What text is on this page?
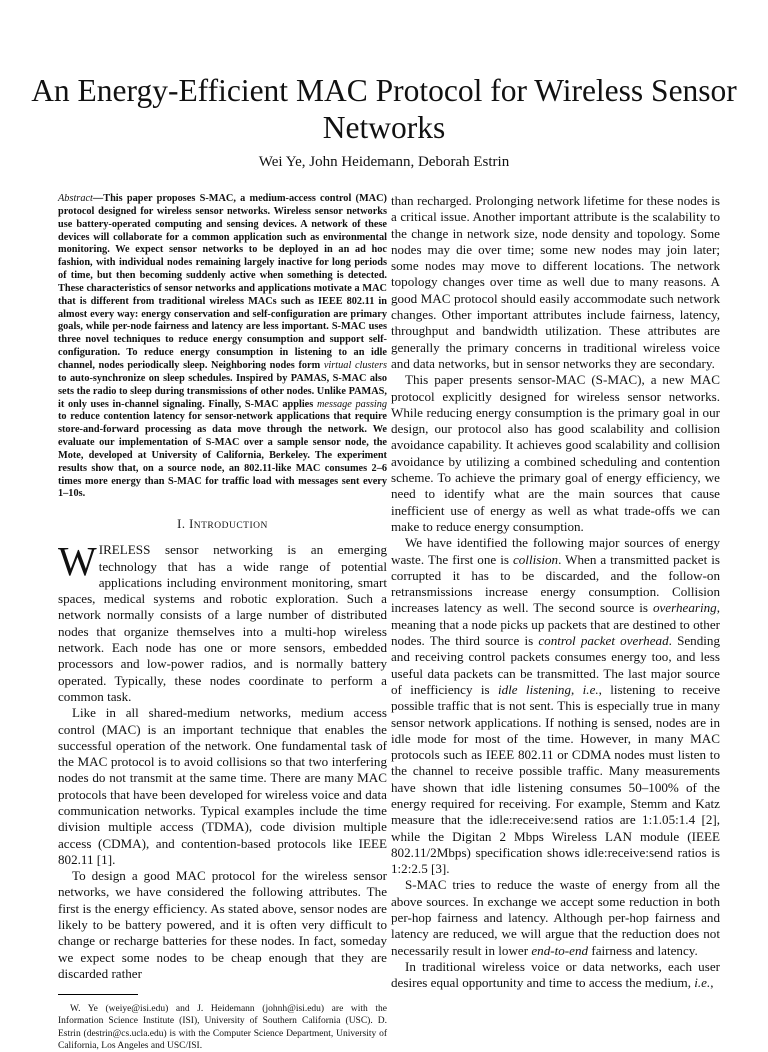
An Energy-Efficient MAC Protocol for Wireless Sensor Networks
Wei Ye, John Heidemann, Deborah Estrin

Abstract—This paper proposes S-MAC, a medium-access control (MAC) protocol designed for wireless sensor networks. Wireless sensor networks use battery-operated computing and sensing devices. A network of these devices will collaborate for a common application such as environmental monitoring. We expect sensor networks to be deployed in an ad hoc fashion, with individual nodes remaining largely inactive for long periods of time, but then becoming suddenly active when something is detected. These characteristics of sensor networks and applications motivate a MAC that is different from traditional wireless MACs such as IEEE 802.11 in almost every way: energy conservation and self-configuration are primary goals, while per-node fairness and latency are less important. S-MAC uses three novel techniques to reduce energy consumption and support self-configuration. To reduce energy consumption in listening to an idle channel, nodes periodically sleep. Neighboring nodes form virtual clusters to auto-synchronize on sleep schedules. Inspired by PAMAS, S-MAC also sets the radio to sleep during transmissions of other nodes. Unlike PAMAS, it only uses in-channel signaling. Finally, S-MAC applies message passing to reduce contention latency for sensor-network applications that require store-and-forward processing as data move through the network. We evaluate our implementation of S-MAC over a sample sensor node, the Mote, developed at University of California, Berkeley. The experiment results show that, on a source node, an 802.11-like MAC consumes 2–6 times more energy than S-MAC for traffic load with messages sent every 1–10s.

I. INTRODUCTION

WIRELESS sensor networking is an emerging technology that has a wide range of potential applications including environment monitoring, smart spaces, medical systems and robotic exploration. Such a network normally consists of a large number of distributed nodes that organize themselves into a multi-hop wireless network. Each node has one or more sensors, embedded processors and low-power radios, and is normally battery operated. Typically, these nodes coordinate to perform a common task.

Like in all shared-medium networks, medium access control (MAC) is an important technique that enables the successful operation of the network. One fundamental task of the MAC protocol is to avoid collisions so that two interfering nodes do not transmit at the same time. There are many MAC protocols that have been developed for wireless voice and data communication networks. Typical examples include the time division multiple access (TDMA), code division multiple access (CDMA), and contention-based protocols like IEEE 802.11 [1].

To design a good MAC protocol for the wireless sensor networks, we have considered the following attributes. The first is the energy efficiency. As stated above, sensor nodes are likely to be battery powered, and it is often very difficult to change or recharge batteries for these nodes. In fact, someday we expect some nodes to be cheap enough that they are discarded rather

W. Ye (weiye@isi.edu) and J. Heidemann (johnh@isi.edu) are with the Information Science Institute (ISI), University of Southern California (USC). D. Estrin (destrin@cs.ucla.edu) is with the Computer Science Department, University of California, Los Angeles and USC/ISI.

than recharged. Prolonging network lifetime for these nodes is a critical issue. Another important attribute is the scalability to the change in network size, node density and topology. Some nodes may die over time; some new nodes may join later; some nodes may move to different locations. The network topology changes over time as well due to many reasons. A good MAC protocol should easily accommodate such network changes. Other important attributes include fairness, latency, throughput and bandwidth utilization. These attributes are generally the primary concerns in traditional wireless voice and data networks, but in sensor networks they are secondary.

This paper presents sensor-MAC (S-MAC), a new MAC protocol explicitly designed for wireless sensor networks. While reducing energy consumption is the primary goal in our design, our protocol also has good scalability and collision avoidance capability. It achieves good scalability and collision avoidance by utilizing a combined scheduling and contention scheme. To achieve the primary goal of energy efficiency, we need to identify what are the main sources that cause inefficient use of energy as well as what trade-offs we can make to reduce energy consumption.

We have identified the following major sources of energy waste. The first one is collision. When a transmitted packet is corrupted it has to be discarded, and the follow-on retransmissions increase energy consumption. Collision increases latency as well. The second source is overhearing, meaning that a node picks up packets that are destined to other nodes. The third source is control packet overhead. Sending and receiving control packets consumes energy too, and less useful data packets can be transmitted. The last major source of inefficiency is idle listening, i.e., listening to receive possible traffic that is not sent. This is especially true in many sensor network applications. If nothing is sensed, nodes are in idle mode for most of the time. However, in many MAC protocols such as IEEE 802.11 or CDMA nodes must listen to the channel to receive possible traffic. Many measurements have shown that idle listening consumes 50–100% of the energy required for receiving. For example, Stemm and Katz measure that the idle:receive:send ratios are 1:1.05:1.4 [2], while the Digitan 2 Mbps Wireless LAN module (IEEE 802.11/2Mbps) specification shows idle:receive:send ratios is 1:2:2.5 [3].

S-MAC tries to reduce the waste of energy from all the above sources. In exchange we accept some reduction in both per-hop fairness and latency. Although per-hop fairness and latency are reduced, we will argue that the reduction does not necessarily result in lower end-to-end fairness and latency.

In traditional wireless voice or data networks, each user desires equal opportunity and time to access the medium, i.e.,
